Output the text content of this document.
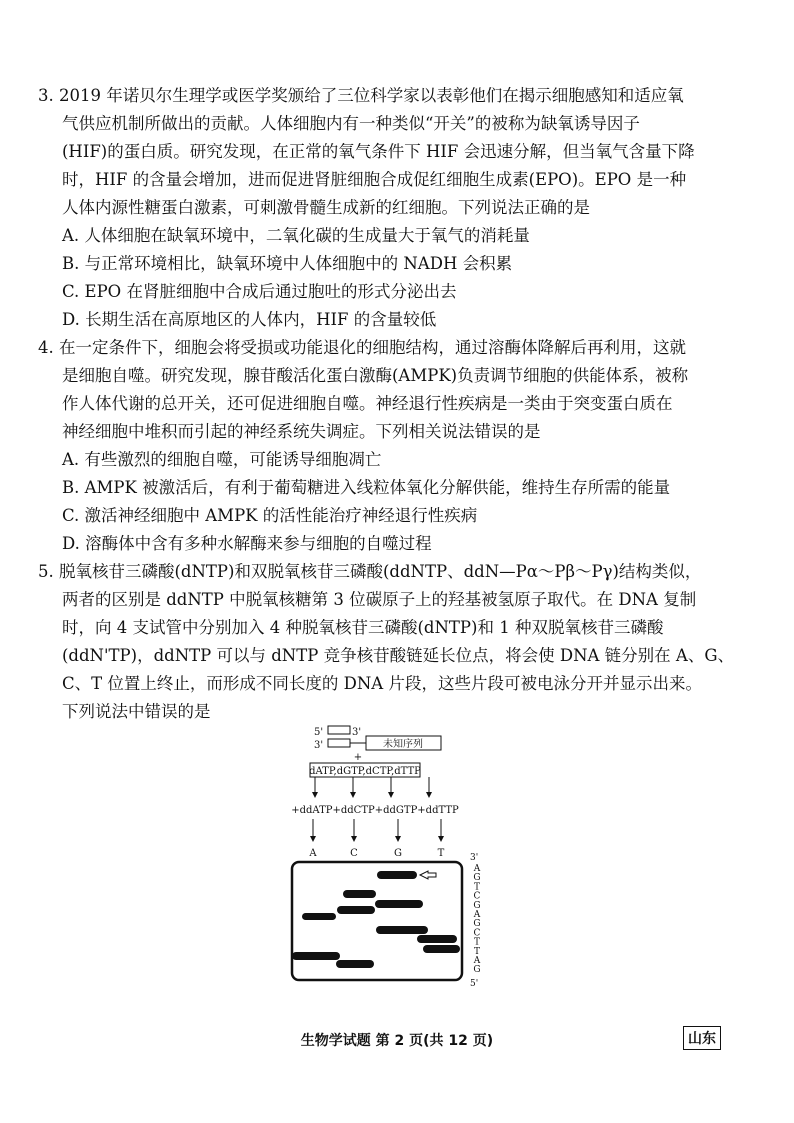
3. 2019 年诺贝尔生理学或医学奖颁给了三位科学家以表彰他们在揭示细胞感知和适应氧
气供应机制所做出的贡献。人体细胞内有一种类似“开关”的被称为缺氧诱导因子
(HIF)的蛋白质。研究发现，在正常的氧气条件下 HIF 会迅速分解，但当氧气含量下降
时，HIF 的含量会增加，进而促进肾脏细胞合成促红细胞生成素(EPO)。EPO 是一种
人体内源性糖蛋白激素，可刺激骨髓生成新的红细胞。下列说法正确的是
A. 人体细胞在缺氧环境中，二氧化碳的生成量大于氧气的消耗量
B. 与正常环境相比，缺氧环境中人体细胞中的 NADH 会积累
C. EPO 在肾脏细胞中合成后通过胞吐的形式分泌出去
D. 长期生活在高原地区的人体内，HIF 的含量较低
4. 在一定条件下，细胞会将受损或功能退化的细胞结构，通过溶酶体降解后再利用，这就
是细胞自噬。研究发现，腺苷酸活化蛋白激酶(AMPK)负责调节细胞的供能体系，被称
作人体代谢的总开关，还可促进细胞自噬。神经退行性疾病是一类由于突变蛋白质在
神经细胞中堆积而引起的神经系统失调症。下列相关说法错误的是
A. 有些激烈的细胞自噬，可能诱导细胞凋亡
B. AMPK 被激活后，有利于葡萄糖进入线粒体氧化分解供能，维持生存所需的能量
C. 激活神经细胞中 AMPK 的活性能治疗神经退行性疾病
D. 溶酶体中含有多种水解酶来参与细胞的自噬过程
5. 脱氧核苷三磷酸(dNTP)和双脱氧核苷三磷酸(ddNTP、ddN—Pα～Pβ～Pγ)结构类似，
两者的区别是 ddNTP 中脱氧核糖第 3 位碳原子上的羟基被氢原子取代。在 DNA 复制
时，向 4 支试管中分别加入 4 种脱氧核苷三磷酸(dNTP)和 1 种双脱氧核苷三磷酸
(ddN'TP)，ddNTP 可以与 dNTP 竞争核苷酸链延长位点，将会使 DNA 链分别在 A、G、
C、T 位置上终止，而形成不同长度的 DNA 片段，这些片段可被电泳分开并显示出来。
下列说法中错误的是
5'	3'
3'	未知序列
+
dATP,dGTP,dCTP,dTTP
+ddATP+ddCTP+ddGTP+ddTTP
A	C	G	T	3'
A
G
T
C
G
A
G
C
T
T
A
G
5'
生物学试题 第 2 页(共 12 页)	山东
